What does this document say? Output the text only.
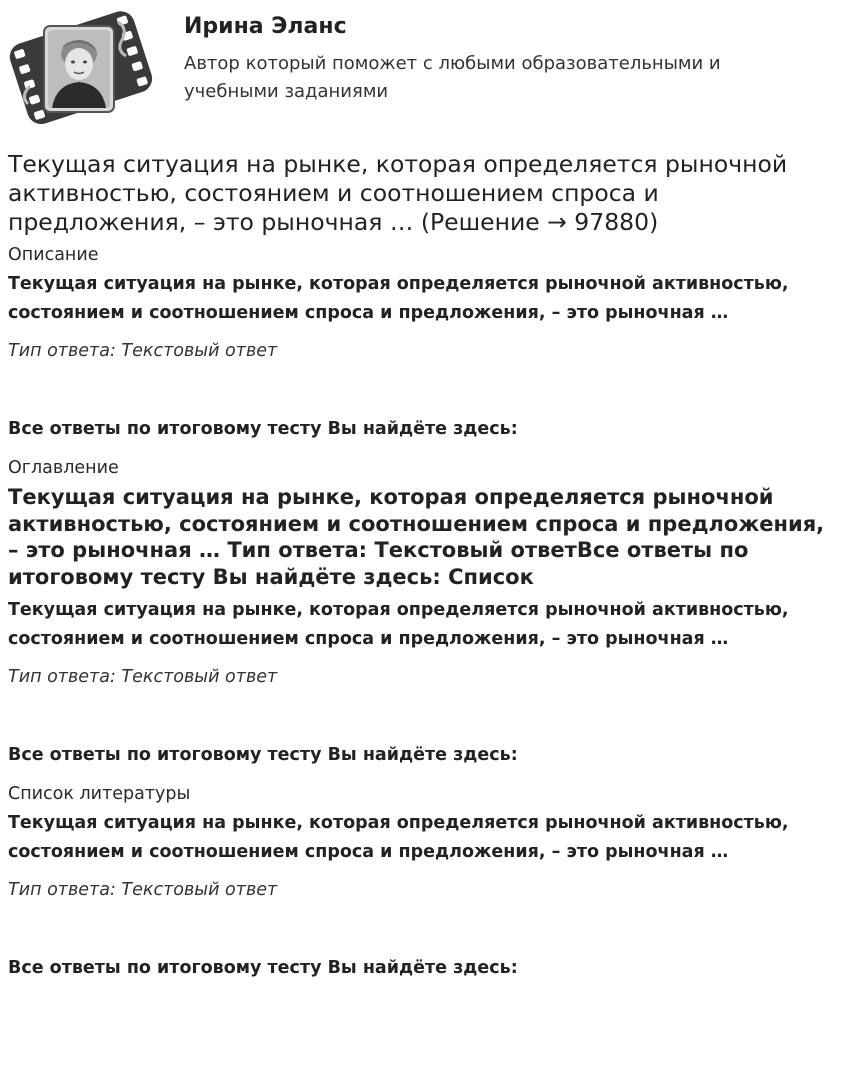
Ирина Эланс
Автор который поможет с любыми образовательными и учебными заданиями
Текущая ситуация на рынке, которая определяется рыночной активностью, состоянием и соотношением спроса и предложения, – это рыночная … (Решение → 97880)
Описание
Текущая ситуация на рынке, которая определяется рыночной активностью, состоянием и соотношением спроса и предложения, – это рыночная …
Тип ответа: Текстовый ответ
Все ответы по итоговому тесту Вы найдёте здесь:
Оглавление
Текущая ситуация на рынке, которая определяется рыночной активностью, состоянием и соотношением спроса и предложения, – это рыночная … Тип ответа: Текстовый ответВсе ответы по итоговому тесту Вы найдёте здесь: Список
Текущая ситуация на рынке, которая определяется рыночной активностью, состоянием и соотношением спроса и предложения, – это рыночная …
Тип ответа: Текстовый ответ
Все ответы по итоговому тесту Вы найдёте здесь:
Список литературы
Текущая ситуация на рынке, которая определяется рыночной активностью, состоянием и соотношением спроса и предложения, – это рыночная …
Тип ответа: Текстовый ответ
Все ответы по итоговому тесту Вы найдёте здесь:
